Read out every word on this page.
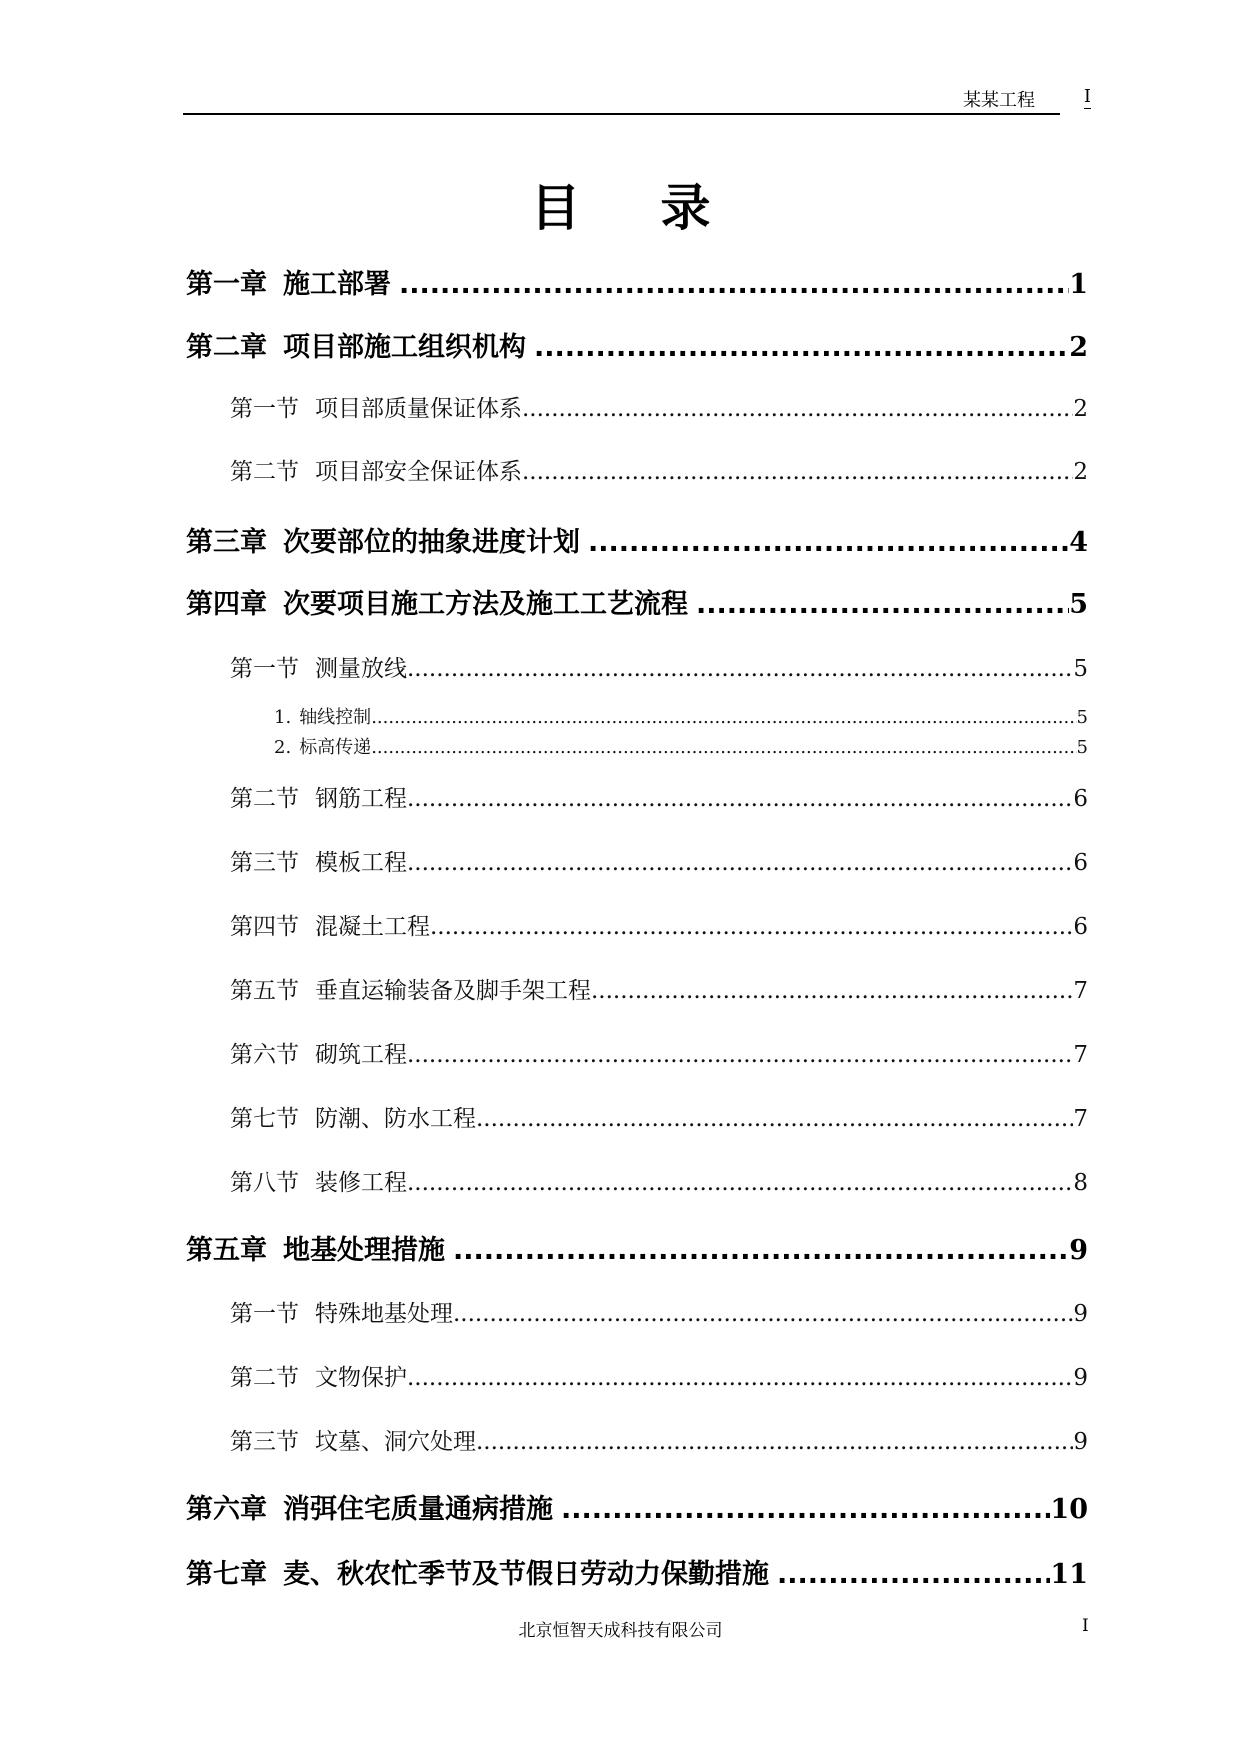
某某工程	I
目录
第一章 施工部署 .....	1
第二章 项目部施工组织机构 .....	2
第一节 项目部质量保证体系 .....	2
第二节 项目部安全保证体系 .....	2
第三章 次要部位的抽象进度计划 .....	4
第四章 次要项目施工方法及施工工艺流程 .....	5
第一节 测量放线 .....	5
1. 轴线控制 .....	5
2. 标高传递 .....	5
第二节 钢筋工程 .....	6
第三节 模板工程 .....	6
第四节 混凝土工程 .....	6
第五节 垂直运输装备及脚手架工程 .....	7
第六节 砌筑工程 .....	7
第七节 防潮、防水工程 .....	7
第八节 装修工程 .....	8
第五章 地基处理措施 .....	9
第一节 特殊地基处理 .....	9
第二节 文物保护 .....	9
第三节 坟墓、洞穴处理 .....	9
第六章 消弭住宅质量通病措施 .....	10
第七章 麦、秋农忙季节及节假日劳动力保勤措施 .....	11
北京恒智天成科技有限公司	I
